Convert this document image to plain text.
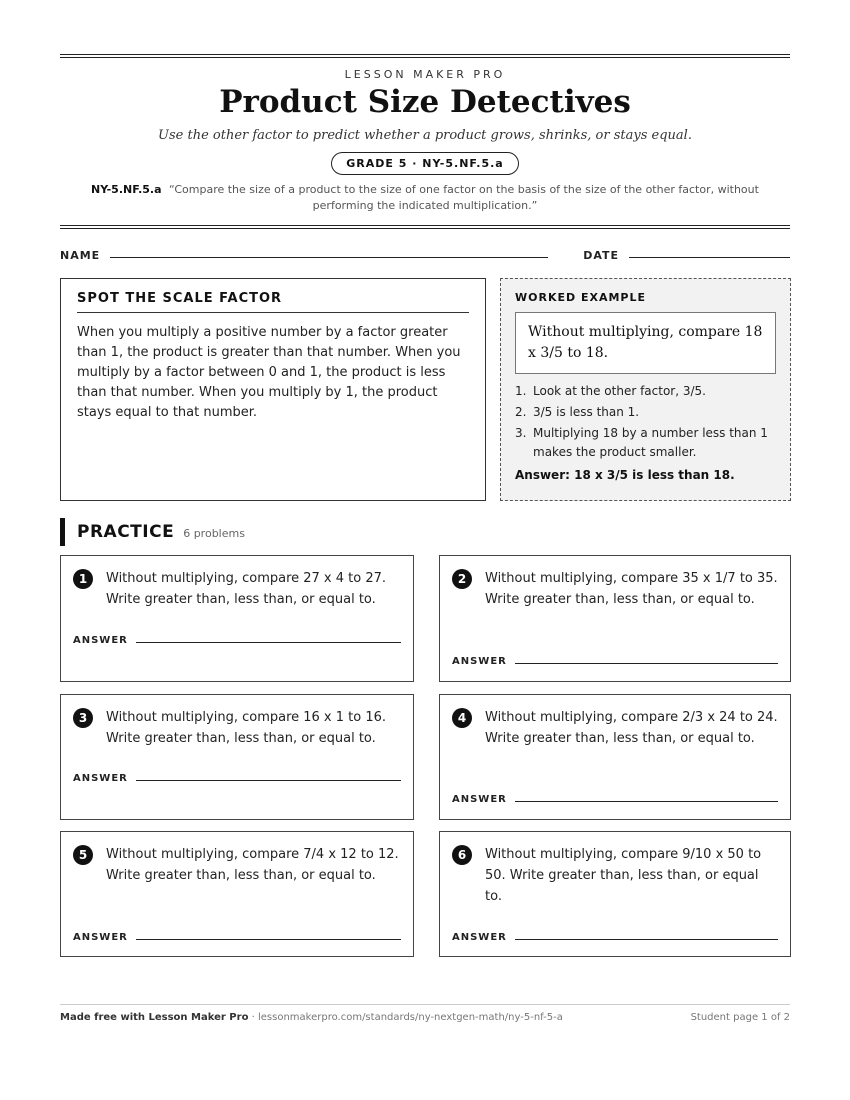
LESSON MAKER PRO
Product Size Detectives
Use the other factor to predict whether a product grows, shrinks, or stays equal.
GRADE 5 · NY-5.NF.5.a
NY-5.NF.5.a “Compare the size of a product to the size of one factor on the basis of the size of the other factor, without performing the indicated multiplication.”
NAME	DATE
SPOT THE SCALE FACTOR

When you multiply a positive number by a factor greater than 1, the product is greater than that number. When you multiply by a factor between 0 and 1, the product is less than that number. When you multiply by 1, the product stays equal to that number.

WORKED EXAMPLE
Without multiplying, compare 18 x 3/5 to 18.
1. Look at the other factor, 3/5.
2. 3/5 is less than 1.
3. Multiplying 18 by a number less than 1 makes the product smaller.
Answer: 18 x 3/5 is less than 18.
PRACTICE 6 problems
1	Without multiplying, compare 27 x 4 to 27. Write greater than, less than, or equal to.
ANSWER
2	Without multiplying, compare 35 x 1/7 to 35. Write greater than, less than, or equal to.
ANSWER
3	Without multiplying, compare 16 x 1 to 16. Write greater than, less than, or equal to.
ANSWER
4	Without multiplying, compare 2/3 x 24 to 24. Write greater than, less than, or equal to.
ANSWER
5	Without multiplying, compare 7/4 x 12 to 12. Write greater than, less than, or equal to.
ANSWER
6	Without multiplying, compare 9/10 x 50 to 50. Write greater than, less than, or equal to.
ANSWER
Made free with Lesson Maker Pro · lessonmakerpro.com/standards/ny-nextgen-math/ny-5-nf-5-a	Student page 1 of 2
